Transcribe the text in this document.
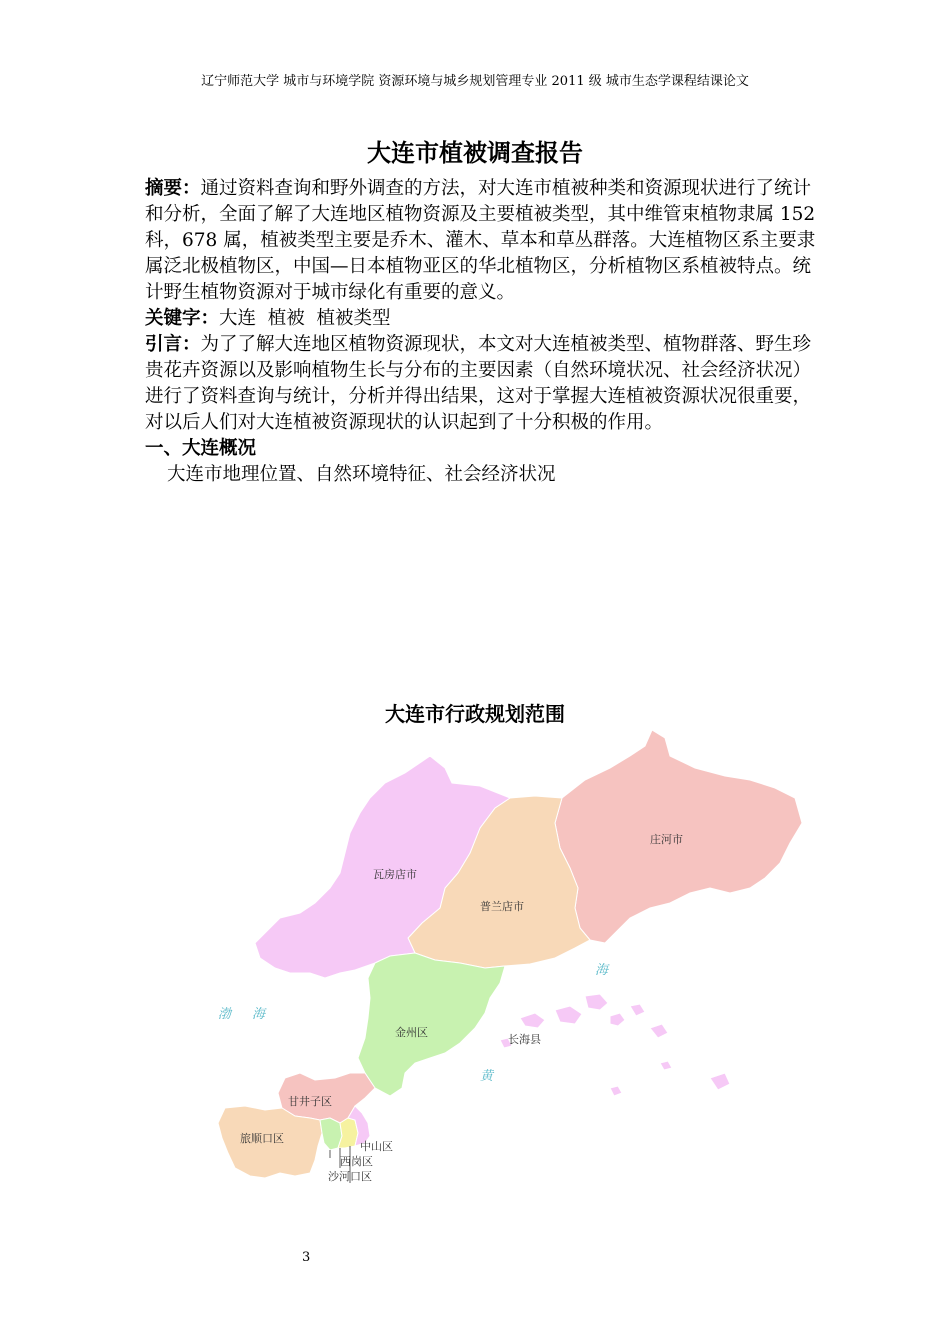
辽宁师范大学 城市与环境学院 资源环境与城乡规划管理专业 2011 级 城市生态学课程结课论文
大连市植被调查报告

摘要：通过资料查询和野外调查的方法，对大连市植被种类和资源现状进行了统计和分析，全面了解了大连地区植物资源及主要植被类型，其中维管束植物隶属 152 科，678 属，植被类型主要是乔木、灌木、草本和草丛群落。大连植物区系主要隶属泛北极植物区，中国—日本植物亚区的华北植物区，分析植物区系植被特点。统计野生植物资源对于城市绿化有重要的意义。

关键字：大连  植被  植被类型

引言：为了了解大连地区植物资源现状，本文对大连植被类型、植物群落、野生珍贵花卉资源以及影响植物生长与分布的主要因素（自然环境状况、社会经济状况）进行了资料查询与统计，分析并得出结果，这对于掌握大连植被资源状况很重要，对以后人们对大连植被资源现状的认识起到了十分积极的作用。

一、大连概况

大连市地理位置、自然环境特征、社会经济状况

大连市行政规划范围
瓦房店市
普兰店市
庄河市
金州区
长海县
甘井子区
旅顺口区
中山区
西岗区
沙河口区
渤 海
黄
海
3
